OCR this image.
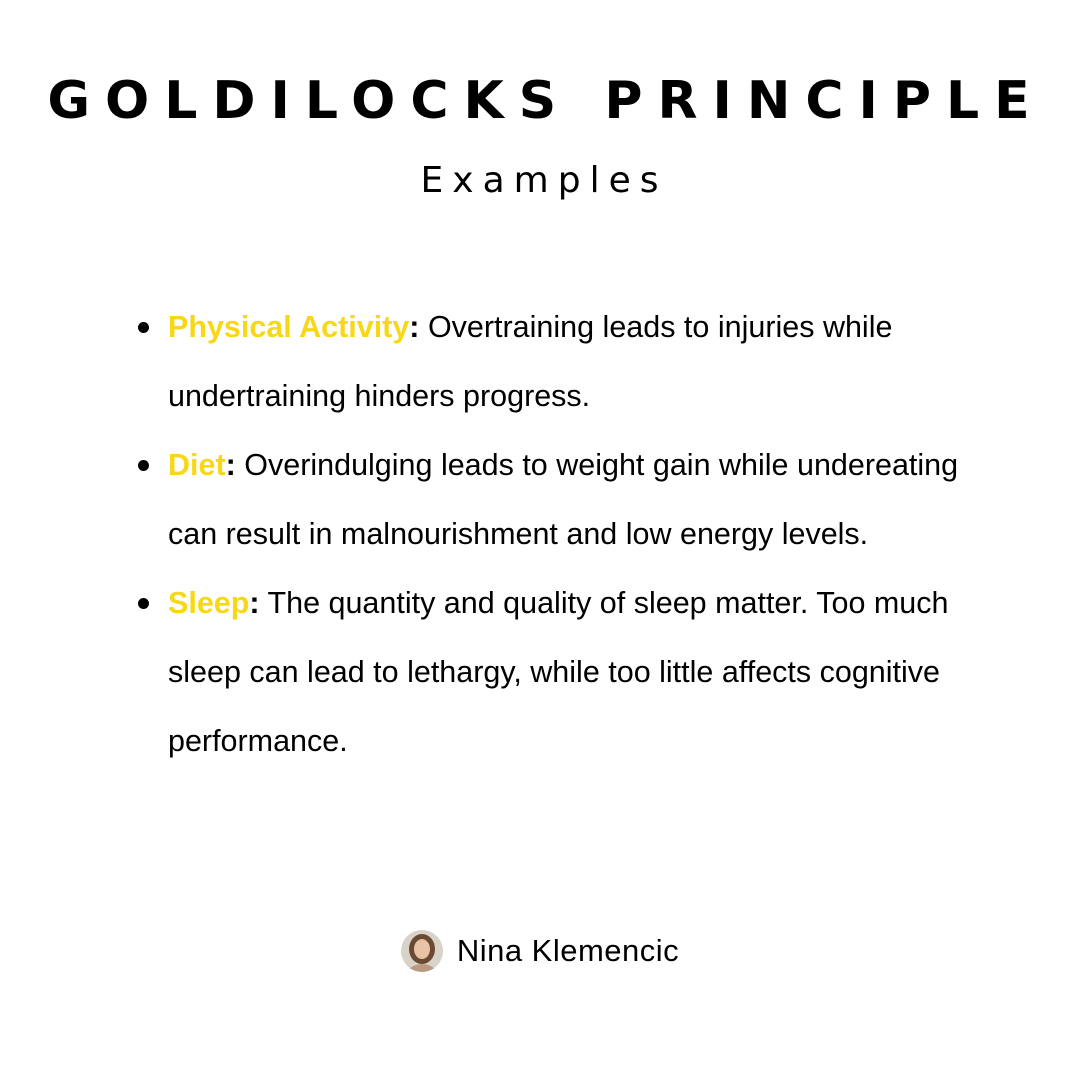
GOLDILOCKS PRINCIPLE
Examples
Physical Activity: Overtraining leads to injuries while undertraining hinders progress.
Diet: Overindulging leads to weight gain while undereating can result in malnourishment and low energy levels.
Sleep: The quantity and quality of sleep matter. Too much sleep can lead to lethargy, while too little affects cognitive performance.
Nina Klemencic
